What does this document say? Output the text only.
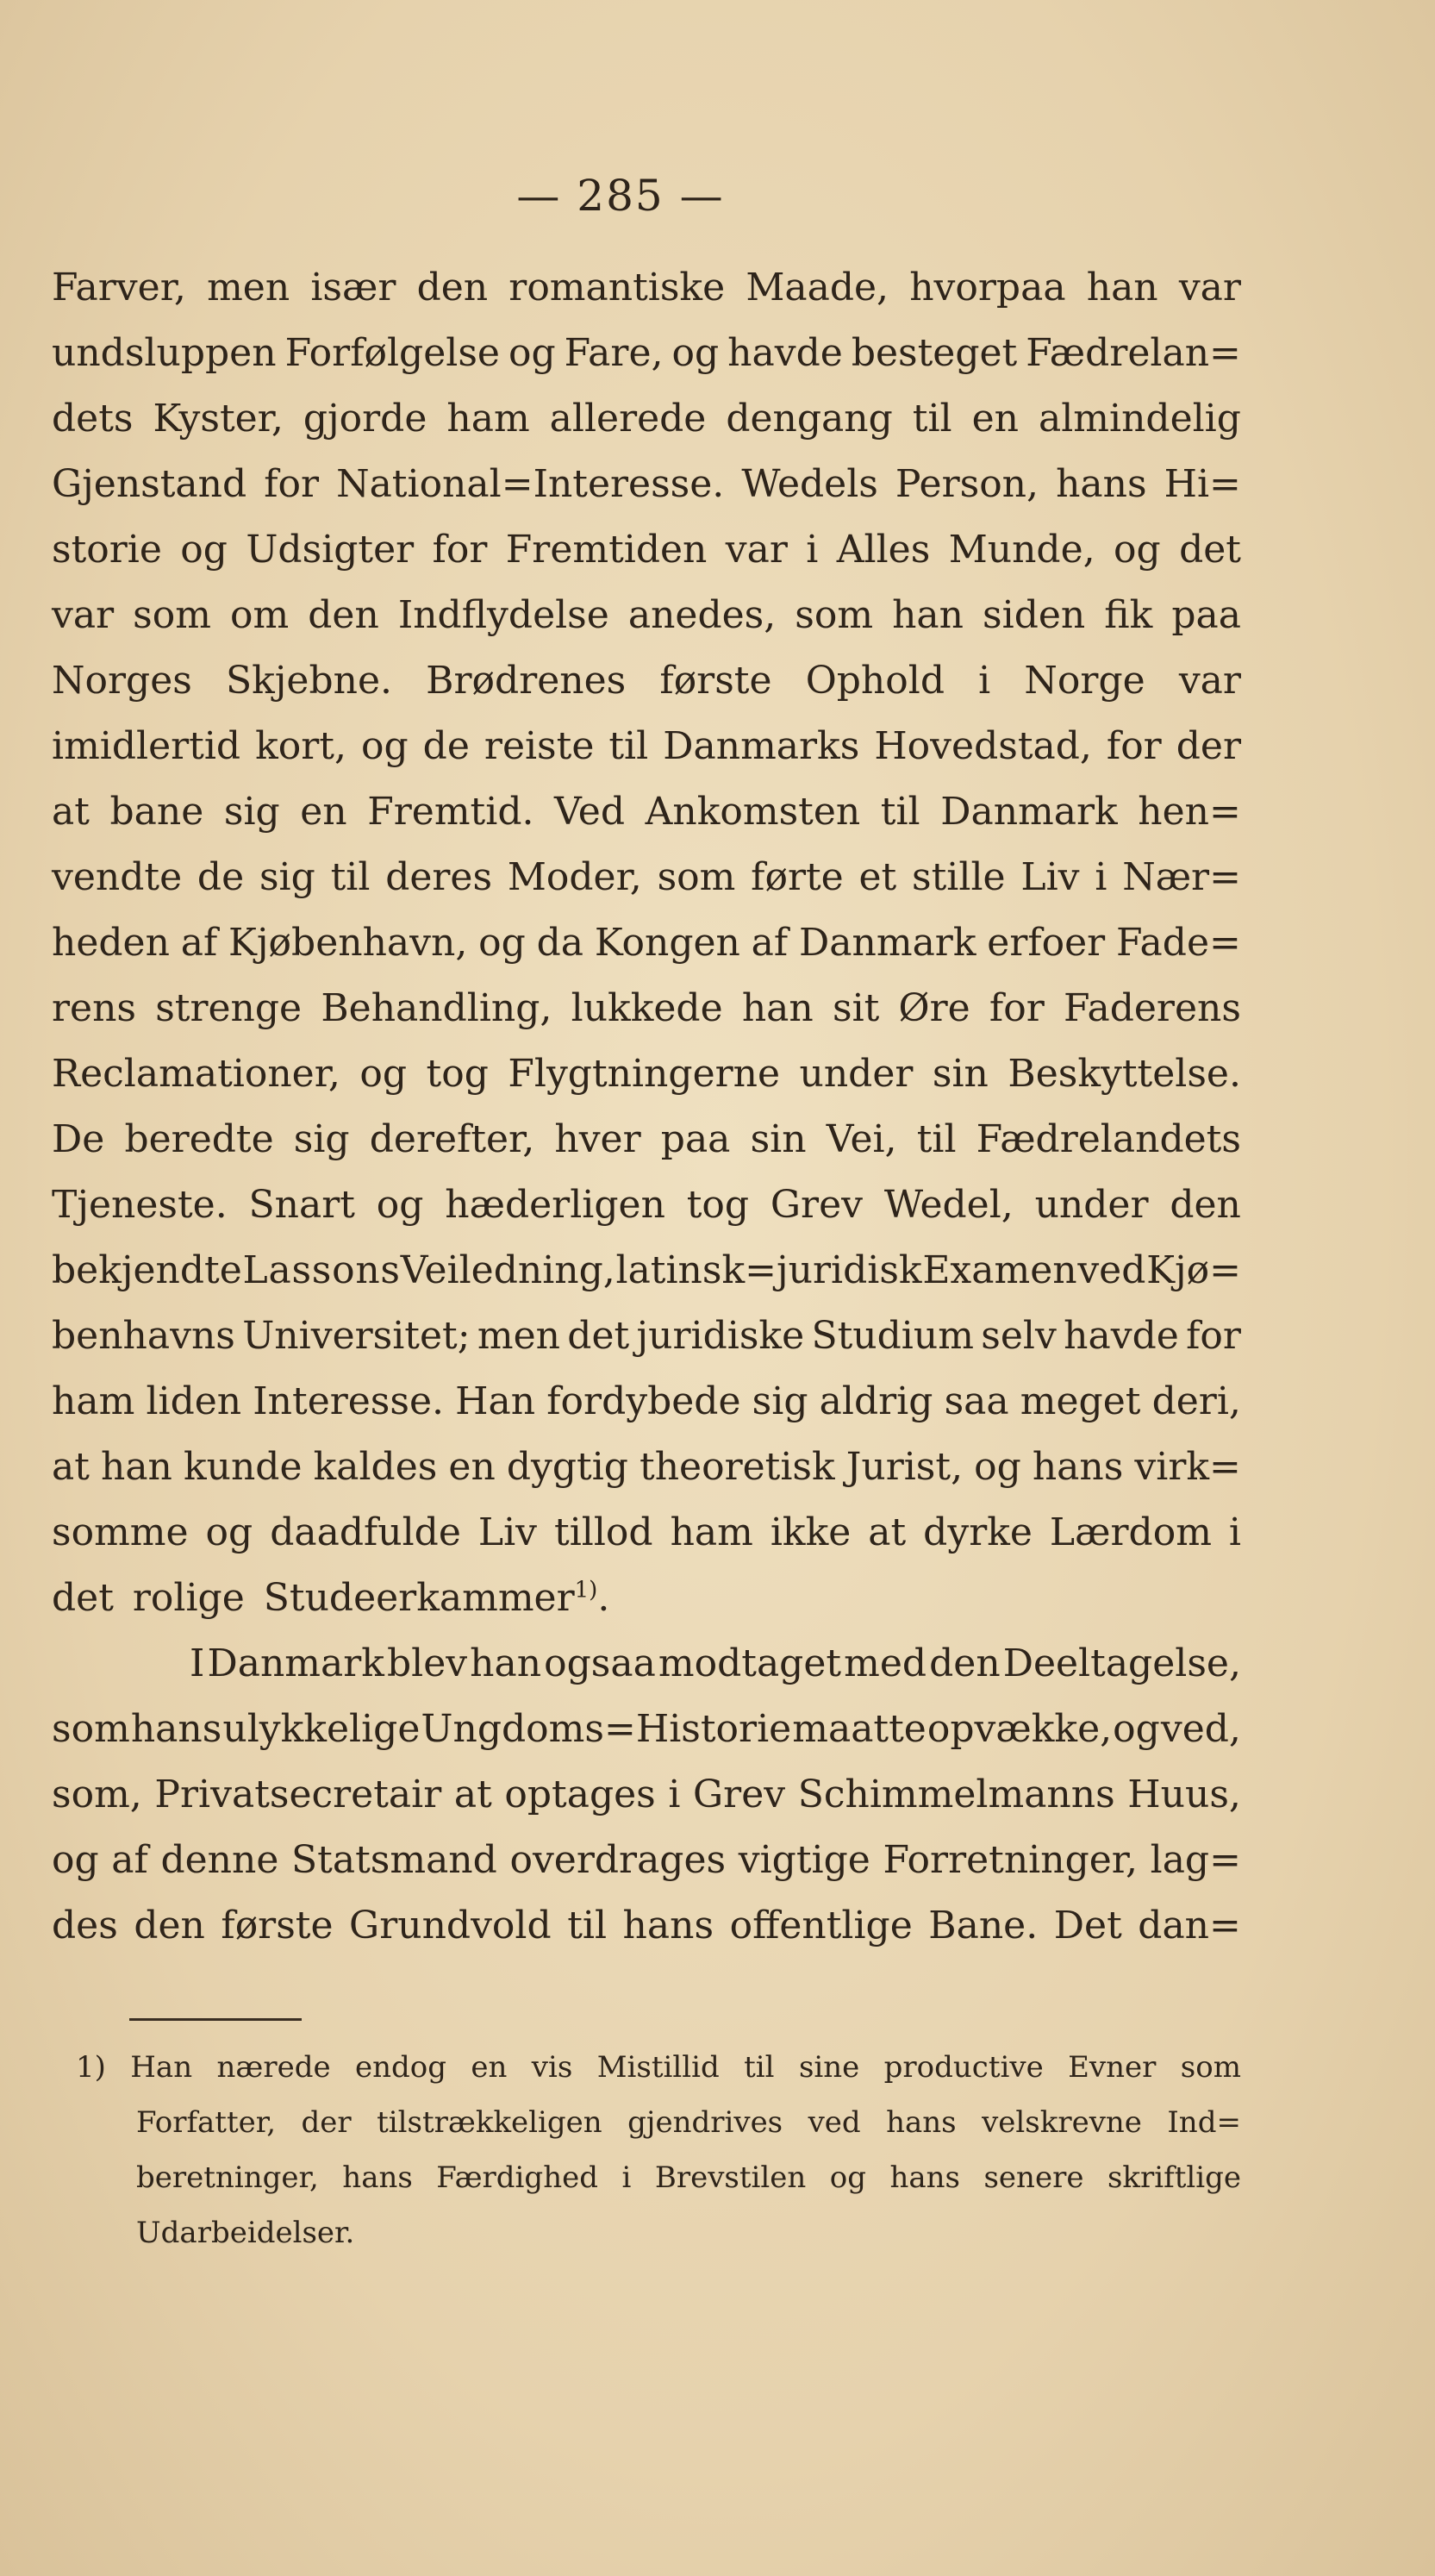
— 285 —
Farver, men især den romantiske Maade, hvorpaa han var
undsluppen Forfølgelse og Fare, og havde besteget Fædrelan=
dets Kyster, gjorde ham allerede dengang til en almindelig
Gjenstand for National=Interesse. Wedels Person, hans Hi=
storie og Udsigter for Fremtiden var i Alles Munde, og det
var som om den Indflydelse anedes, som han siden fik paa
Norges Skjebne. Brødrenes første Ophold i Norge var
imidlertid kort, og de reiste til Danmarks Hovedstad, for der
at bane sig en Fremtid. Ved Ankomsten til Danmark hen=
vendte de sig til deres Moder, som førte et stille Liv i Nær=
heden af Kjøbenhavn, og da Kongen af Danmark erfoer Fade=
rens strenge Behandling, lukkede han sit Øre for Faderens
Reclamationer, og tog Flygtningerne under sin Beskyttelse.
De beredte sig derefter, hver paa sin Vei, til Fædrelandets
Tjeneste. Snart og hæderligen tog Grev Wedel, under den
bekjendte L a s s o n s Veiledning, latinsk=juridisk Examen ved Kjø=
benhavns Universitet; men det juridiske Studium selv havde for
ham liden Interesse. Han fordybede sig aldrig saa meget deri,
at han kunde kaldes en dygtig theoretisk Jurist, og hans virk=
somme og daadfulde Liv tillod ham ikke at dyrke Lærdom i
det rolige Studeerkammer$^{1)}$.
I Danmark blev han ogsaa modtaget med den Deeltagelse,
som hans ulykkelige Ungdoms=Historie maatte opvække, og ved,
som, Privatsecretair at optages i Grev Schimmelmanns Huus,
og af denne Statsmand overdrages vigtige Forretninger, lag=
des den første Grundvold til hans offentlige Bane. Det dan=
1) Han nærede endog en vis Mistillid til sine productive Evner som
Forfatter, der tilstrækkeligen gjendrives ved hans velskrevne Ind=
beretninger, hans Færdighed i Brevstilen og hans senere skriftlige
Udarbeidelser.
